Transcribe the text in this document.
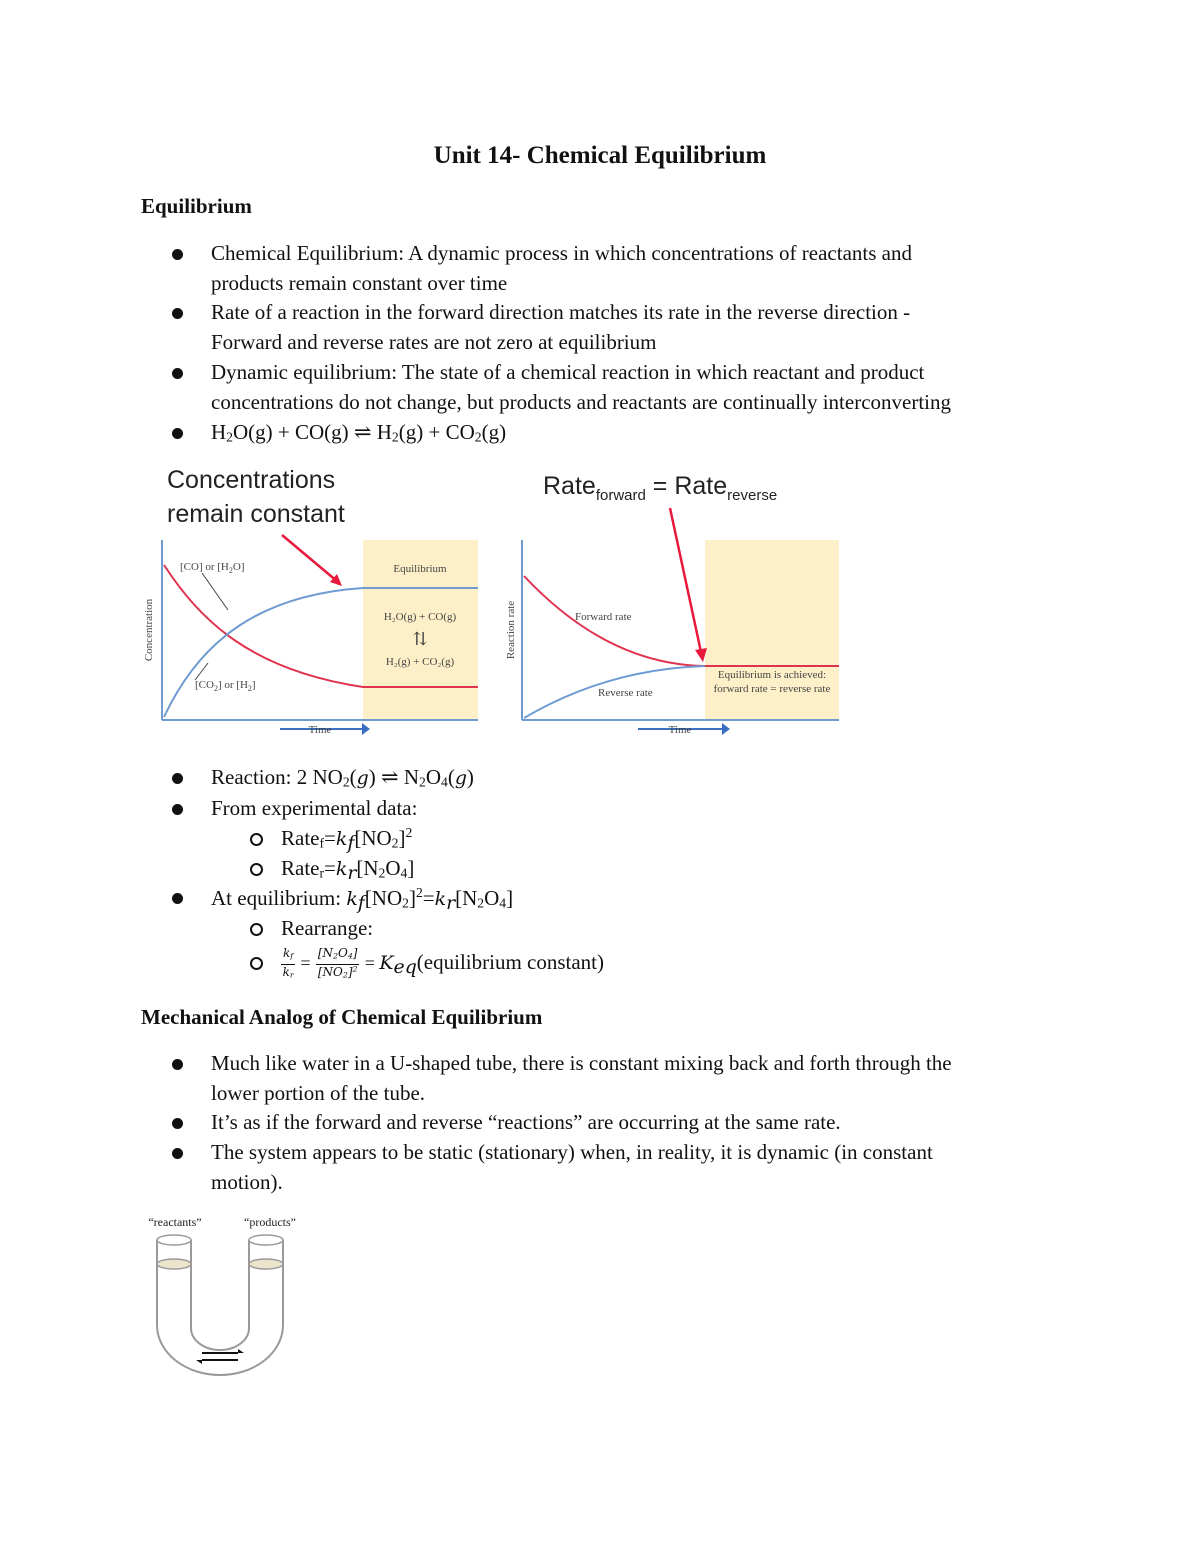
Unit 14- Chemical Equilibrium
Equilibrium
Chemical Equilibrium: A dynamic process in which concentrations of reactants and
products remain constant over time
Rate of a reaction in the forward direction matches its rate in the reverse direction -
Forward and reverse rates are not zero at equilibrium
Dynamic equilibrium: The state of a chemical reaction in which reactant and product
concentrations do not change, but products and reactants are continually interconverting
$H_2O(g) + CO(g)$ ⇌ $H_2(g) + CO_2(g)$
Concentrations
remain constant
Concentration
Time
Equilibrium
[CO] or $[H_2O]$
$[CO_2]$ or $[H_2]$
H₂O(g) + CO(g)
⇅
H₂(g) + CO₂(g)
Rate$_{forward}$ = Rate$_{reverse}$
Reaction rate
Time
Forward rate
Reverse rate
Equilibrium is achieved:
forward rate = reverse rate
Reaction: 2 $NO_2(g)$ ⇌ $N_2O_4(g)$
From experimental data:
$Rate_f=k_f[NO_2]^2$
$Rate_r=k_r[N_2O_4]$
At equilibrium: $k_f[NO_2]^2=k_r[N_2O_4]$
Rearrange:
$\frac{k_f}{k_r} = \frac{[N_2O_4]}{[NO_2]^2}$ = $K_{eq}(equilibrium$ constant)
Mechanical Analog of Chemical Equilibrium
Much like water in a U-shaped tube, there is constant mixing back and forth through the
lower portion of the tube.
It’s as if the forward and reverse “reactions” are occurring at the same rate.
The system appears to be static (stationary) when, in reality, it is dynamic (in constant
motion).
“reactants”	“products”
